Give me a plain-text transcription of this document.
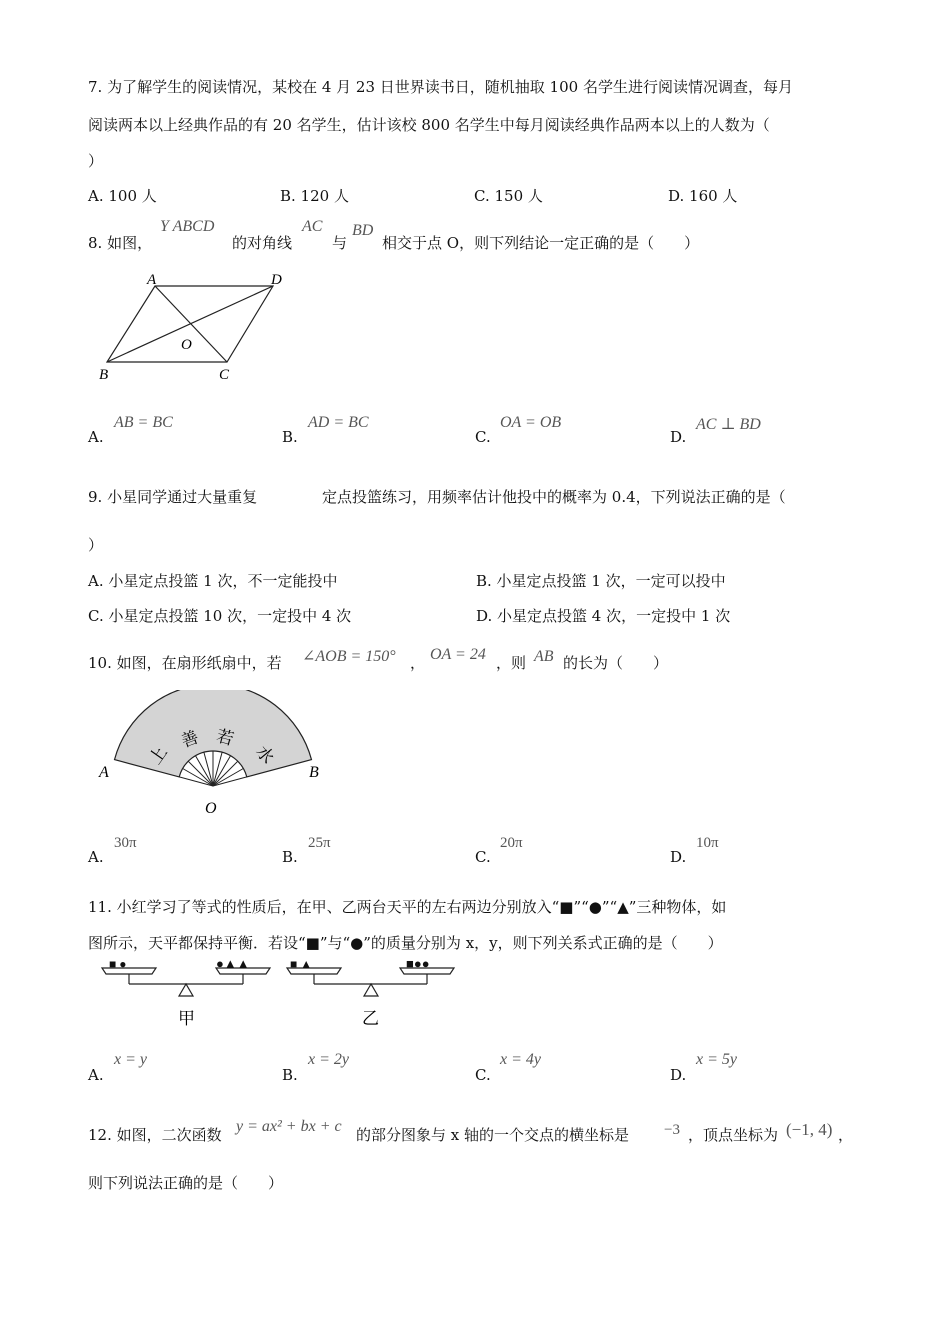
7. 为了解学生的阅读情况，某校在 4 月 23 日世界读书日，随机抽取 100 名学生进行阅读情况调查，每月
阅读两本以上经典作品的有 20 名学生，估计该校 800 名学生中每月阅读经典作品两本以上的人数为（
）
A. 100 人	B. 120 人	C. 150 人	D. 160 人
8. 如图，
Y ABCD
的对角线
AC
与
BD
相交于点 O，则下列结论一定正确的是（　　）
A	D
B	C
O
A.
AB = BC
B.
AD = BC
C.
OA = OB
D.
AC ⊥ BD
9. 小星同学通过大量重复	定点投篮练习，用频率估计他投中的概率为 0.4，下列说法正确的是（
）
A. 小星定点投篮 1 次，不一定能投中	B. 小星定点投篮 1 次，一定可以投中
C. 小星定点投篮 10 次，一定投中 4 次	D. 小星定点投篮 4 次，一定投中 1 次
10. 如图，在扇形纸扇中，若 ∠AOB = 150° ， OA = 24 ，则 AB 的长为（　　）
上
善 若
水
A	B
O
A.
30π
B.
25π
C.
20π
D.
10π
11. 小红学习了等式的性质后，在甲、乙两台天平的左右两边分别放入“■”“●”“▲”三种物体，如
图所示，天平都保持平衡．若设“■”与“●”的质量分别为 x，y，则下列关系式正确的是（　　）
■ ●	●▲▲
甲
■ ▲	■●●
乙
A.
x = y
B.
x = 2y
C.
x = 4y
D.
x = 5y
12. 如图，二次函数 y = ax² + bx + c 的部分图象与 x 轴的一个交点的横坐标是 −3 ，顶点坐标为 (−1, 4) ，
则下列说法正确的是（　　）
